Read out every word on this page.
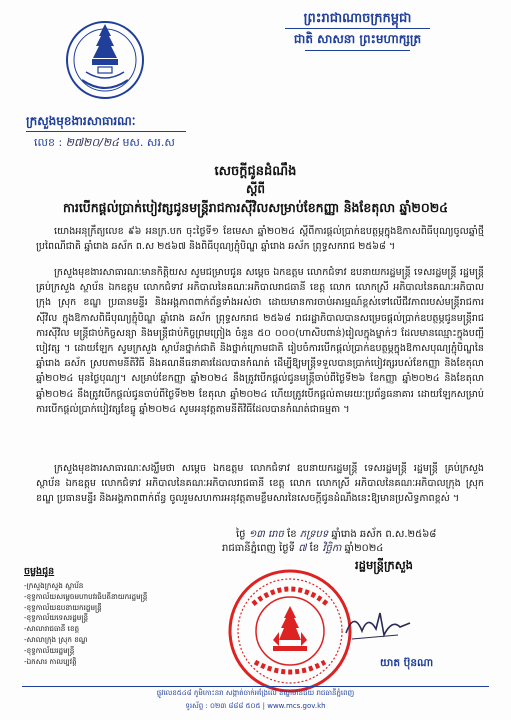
ព្រះរាជាណាចក្រកម្ពុជា
ជាតិ សាសនា ព្រះមហាក្សត្រ
ក្រសួងមុខងារសាធារណៈ
លេខ : ២៧២០/២៤ មស. សរ.ស
សេចក្តីជូនដំណឹង
ស្តីពី
ការបើកផ្តល់ប្រាក់បៀវត្សជូនមន្ត្រីរាជការស៊ីវិលសម្រាប់ខែកញ្ញា និងខែតុលា ឆ្នាំ២០២៤

យោងអនុក្រឹត្យលេខ ៩៦ អនក្រ.បក ចុះថ្ងៃទី១ ខែមេសា ឆ្នាំ២០២៤ ស្តីពីការផ្តល់ប្រាក់ឧបត្ថម្ភក្នុងឱកាសពិធីបុណ្យចូលឆ្នាំថ្មីប្រពៃណីជាតិ ឆ្នាំរោង ឆស័ក ព.ស ២៥៦៧ និងពិធីបុណ្យភ្ជុំបិណ្ឌ ឆ្នាំរោង ឆស័ក ព្រុទ្ធសករាជ ២៥៦៨ ។

ក្រសួងមុខងារសាធារណៈមានកិត្តិយស សូមជម្រាបជូន សម្តេច ឯកឧត្តម លោកជំទាវ ឧបនាយករដ្ឋមន្ត្រី ទេសរដ្ឋមន្ត្រី រដ្ឋមន្ត្រី គ្រប់ក្រសួង ស្ថាប័ន ឯកឧត្តម លោកជំទាវ អភិបាលនៃគណៈអភិបាលរាជធានី ខេត្ត លោក លោកស្រី អភិបាលនៃគណៈអភិបាលក្រុង ស្រុក ខណ្ឌ ប្រធានមន្ទីរ និងអង្គភាពពាក់ព័ន្ធទាំងអស់ថា ដោយមានការចាប់អារម្មណ៍ខ្ពស់ទៅលើជីវភាពរបស់មន្ត្រីរាជការស៊ីវិល ក្នុងឱកាសពិធីបុណ្យភ្ជុំបិណ្ឌ ឆ្នាំរោង ឆស័ក ព្រុទ្ធសករាជ ២៥៦៨ រាជរដ្ឋាភិបាលបានសម្រេចផ្តល់ប្រាក់ឧបត្ថម្ភជូនមន្ត្រីរាជការស៊ីវិល មន្ត្រីជាប់កិច្ចសន្យា និងមន្ត្រីជាប់កិច្ចព្រមព្រៀង ចំនួន ៥០ ០០០(ហាសិបពាន់)រៀលក្នុងម្នាក់ៗ ដែលមានឈ្មោះក្នុងបញ្ជីបៀវត្ស ។ ដោយឡែក សូមក្រសួង ស្ថាប័នថ្នាក់ជាតិ និងថ្នាក់ក្រោមជាតិ រៀបចំការបើកផ្តល់ប្រាក់ឧបត្ថម្ភក្នុងឱកាសបុណ្យភ្ជុំបិណ្ឌនៃឆ្នាំរោង ឆស័ក ស្របតាមនីតិវិធី និងគណនីធនាគារដែលបានកំណត់ ដើម្បីឱ្យមន្ត្រីទទួលបានប្រាក់បៀវត្សរបស់ខែកញ្ញា និងខែតុលា ឆ្នាំ២០២៤ មុនថ្ងៃបុណ្យ។ សម្រាប់ខែកញ្ញា ឆ្នាំ២០២៤ នឹងត្រូវបើកផ្តល់ជូនមន្ត្រីចាប់ពីថ្ងៃទី២៦ ខែកញ្ញា ឆ្នាំ២០២៤ និងខែតុលា ឆ្នាំ២០២៤ នឹងត្រូវបើកផ្តល់ជូនចាប់ពីថ្ងៃទី២២ ខែតុលា ឆ្នាំ២០២៤ ហើយត្រូវបើកផ្តល់តាមរយៈប្រព័ន្ធធនាគារ ដោយឡែកសម្រាប់ការបើកផ្តល់ប្រាក់បៀវត្សខែធ្នូ ឆ្នាំ២០២៤ សូមអនុវត្តតាមនីតិវិធីដែលបានកំណត់ជាធម្មតា ។

ក្រសួងមុខងារសាធារណៈសង្ឃឹមថា សម្តេច ឯកឧត្តម លោកជំទាវ ឧបនាយករដ្ឋមន្ត្រី ទេសរដ្ឋមន្ត្រី រដ្ឋមន្ត្រី គ្រប់ក្រសួង ស្ថាប័ន ឯកឧត្តម លោកជំទាវ អភិបាលនៃគណៈអភិបាលរាជធានី ខេត្ត លោក លោកស្រី អភិបាលនៃគណៈអភិបាលក្រុង ស្រុក ខណ្ឌ ប្រធានមន្ទីរ និងអង្គភាពពាក់ព័ន្ធ ចូលរួមសហការអនុវត្តតាមខ្លឹមសារនៃសេចក្តីជូនដំណឹងនេះឱ្យមានប្រសិទ្ធភាពខ្ពស់ ។

ថ្ងៃ ១៣ រោច ខែ ភទ្របទ ឆ្នាំរោង ឆស័ក ព.ស.២៥៦៨
រាជធានីភ្នំពេញ ថ្ងៃទី ៧ ខែ វិច្ឆិកា ឆ្នាំ២០២៤
រដ្ឋមន្ត្រីក្រសួង
ចម្លងជូន
-ក្រសួងក្រសួង ស្ថាប័ន
-ខុទ្ទកាល័យសម្តេចមហាបវរធិបតីនាយករដ្ឋមន្ត្រី
-ខុទ្ទកាល័យឧបនាយករដ្ឋមន្ត្រី
-ខុទ្ទកាល័យទេសរដ្ឋមន្ត្រី
-សាលារាជធានី ខេត្ត
-សាលាក្រុង ស្រុក ខណ្ឌ
-ខុទ្ទកាល័យរដ្ឋមន្ត្រី
-ឯកសារ កាលប្បវត្តិ	យាត ប៊ុនណា
ផ្លូវលេខ៥៤៨ ភូមិកោះនរា សង្កាត់ចាក់អង្រែលើ ខណ្ឌមានជ័យ រាជធានីភ្នំពេញ
ទូរស័ព្ទ : ០២៣ ៨៨៨ ៥០៥ | www.mcs.gov.kh
